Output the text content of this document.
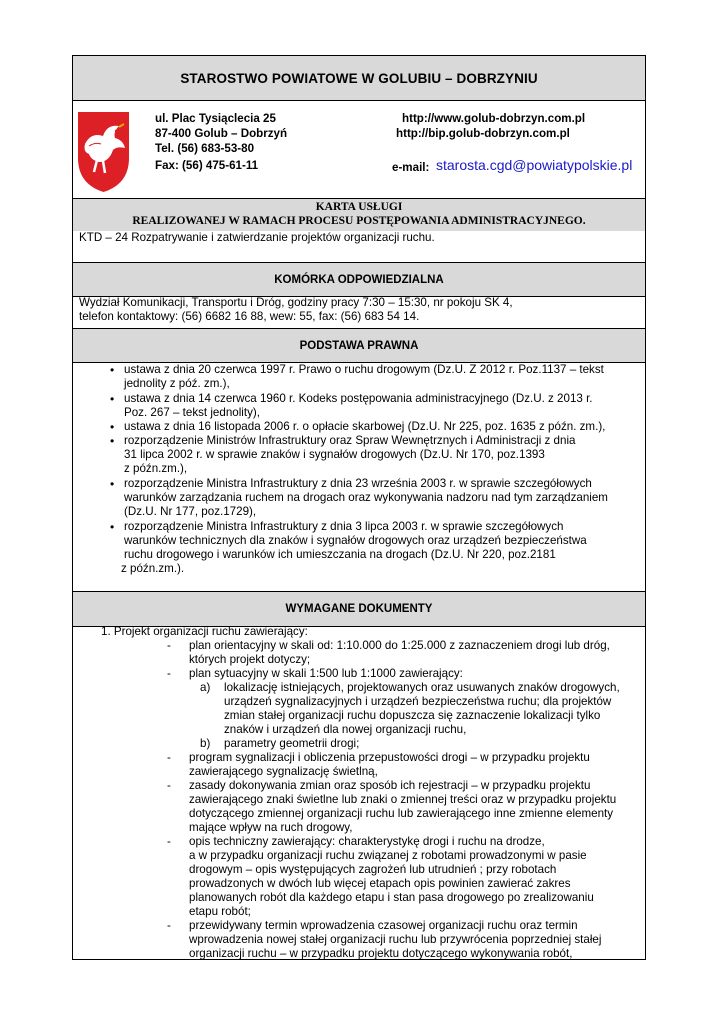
STAROSTWO POWIATOWE W GOLUBIU – DOBRZYNIU
ul. Plac Tysiąclecia 25
87-400 Golub – Dobrzyń
Tel. (56) 683-53-80
Fax: (56) 475-61-11
http://www.golub-dobrzyn.com.pl
http://bip.golub-dobrzyn.com.pl
e-mail: starosta.cgd@powiatypolskie.pl
KARTA USŁUGI
REALIZOWANEJ W RAMACH PROCESU POSTĘPOWANIA ADMINISTRACYJNEGO.
KTD – 24 Rozpatrywanie i zatwierdzanie projektów organizacji ruchu.
KOMÓRKA ODPOWIEDZIALNA
Wydział Komunikacji, Transportu i Dróg, godziny pracy 7:30 – 15:30, nr pokoju SK 4,
telefon kontaktowy: (56) 6682 16 88, wew: 55, fax: (56) 683 54 14.
PODSTAWA PRAWNA
• ustawa z dnia 20 czerwca 1997 r. Prawo o ruchu drogowym (Dz.U. Z 2012 r. Poz.1137 – tekst
jednolity z póź. zm.),
• ustawa z dnia 14 czerwca 1960 r. Kodeks postępowania administracyjnego (Dz.U. z 2013 r.
Poz. 267 – tekst jednolity),
• ustawa z dnia 16 listopada 2006 r. o opłacie skarbowej (Dz.U. Nr 225, poz. 1635 z późn. zm.),
• rozporządzenie Ministrów Infrastruktury oraz Spraw Wewnętrznych i Administracji z dnia
31 lipca 2002 r. w sprawie znaków i sygnałów drogowych (Dz.U. Nr 170, poz.1393
z późn.zm.),
• rozporządzenie Ministra Infrastruktury z dnia 23 września 2003 r. w sprawie szczegółowych
warunków zarządzania ruchem na drogach oraz wykonywania nadzoru nad tym zarządzaniem
(Dz.U. Nr 177, poz.1729),
• rozporządzenie Ministra Infrastruktury z dnia 3 lipca 2003 r. w sprawie szczegółowych
warunków technicznych dla znaków i sygnałów drogowych oraz urządzeń bezpieczeństwa
ruchu drogowego i warunków ich umieszczania na drogach (Dz.U. Nr 220, poz.2181
z późn.zm.).
WYMAGANE DOKUMENTY
1. Projekt organizacji ruchu zawierający:
- plan orientacyjny w skali od: 1:10.000 do 1:25.000 z zaznaczeniem drogi lub dróg,
których projekt dotyczy;
- plan sytuacyjny w skali 1:500 lub 1:1000 zawierający:
a) lokalizację istniejących, projektowanych oraz usuwanych znaków drogowych,
urządzeń sygnalizacyjnych i urządzeń bezpieczeństwa ruchu; dla projektów
zmian stałej organizacji ruchu dopuszcza się zaznaczenie lokalizacji tylko
znaków i urządzeń dla nowej organizacji ruchu,
b) parametry geometrii drogi;
- program sygnalizacji i obliczenia przepustowości drogi – w przypadku projektu
zawierającego sygnalizację świetlną,
- zasady dokonywania zmian oraz sposób ich rejestracji – w przypadku projektu
zawierającego znaki świetlne lub znaki o zmiennej treści oraz w przypadku projektu
dotyczącego zmiennej organizacji ruchu lub zawierającego inne zmienne elementy
mające wpływ na ruch drogowy,
- opis techniczny zawierający: charakterystykę drogi i ruchu na drodze,
a w przypadku organizacji ruchu związanej z robotami prowadzonymi w pasie
drogowym – opis występujących zagrożeń lub utrudnień ; przy robotach
prowadzonych w dwóch lub więcej etapach opis powinien zawierać zakres
planowanych robót dla każdego etapu i stan pasa drogowego po zrealizowaniu
etapu robót;
- przewidywany termin wprowadzenia czasowej organizacji ruchu oraz termin
wprowadzenia nowej stałej organizacji ruchu lub przywrócenia poprzedniej stałej
organizacji ruchu – w przypadku projektu dotyczącego wykonywania robót,
